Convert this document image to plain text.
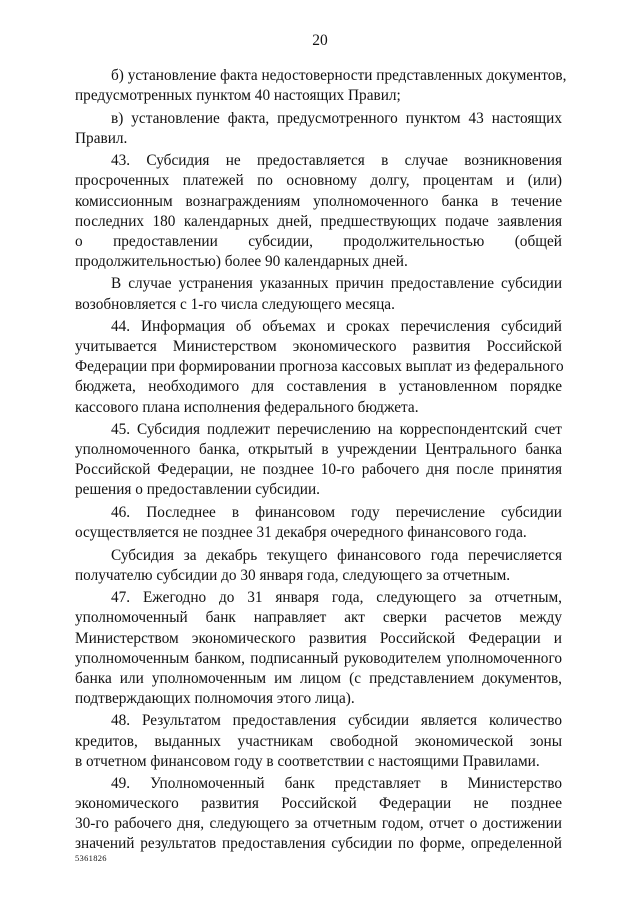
20
б) установление факта недостоверности представленных документов,
предусмотренных пунктом 40 настоящих Правил;
в) установление факта, предусмотренного пунктом 43 настоящих
Правил.
43. Субсидия не предоставляется в случае возникновения
просроченных платежей по основному долгу, процентам и (или)
комиссионным вознаграждениям уполномоченного банка в течение
последних 180 календарных дней, предшествующих подаче заявления
о предоставлении субсидии, продолжительностью (общей
продолжительностью) более 90 календарных дней.
В случае устранения указанных причин предоставление субсидии
возобновляется с 1-го числа следующего месяца.
44. Информация об объемах и сроках перечисления субсидий
учитывается Министерством экономического развития Российской
Федерации при формировании прогноза кассовых выплат из федерального
бюджета, необходимого для составления в установленном порядке
кассового плана исполнения федерального бюджета.
45. Субсидия подлежит перечислению на корреспондентский счет
уполномоченного банка, открытый в учреждении Центрального банка
Российской Федерации, не позднее 10-го рабочего дня после принятия
решения о предоставлении субсидии.
46. Последнее в финансовом году перечисление субсидии
осуществляется не позднее 31 декабря очередного финансового года.
Субсидия за декабрь текущего финансового года перечисляется
получателю субсидии до 30 января года, следующего за отчетным.
47. Ежегодно до 31 января года, следующего за отчетным,
уполномоченный банк направляет акт сверки расчетов между
Министерством экономического развития Российской Федерации и
уполномоченным банком, подписанный руководителем уполномоченного
банка или уполномоченным им лицом (с представлением документов,
подтверждающих полномочия этого лица).
48. Результатом предоставления субсидии является количество
кредитов, выданных участникам свободной экономической зоны
в отчетном финансовом году в соответствии с настоящими Правилами.
49. Уполномоченный банк представляет в Министерство
экономического развития Российской Федерации не позднее
30-го рабочего дня, следующего за отчетным годом, отчет о достижении
значений результатов предоставления субсидии по форме, определенной
5361826
